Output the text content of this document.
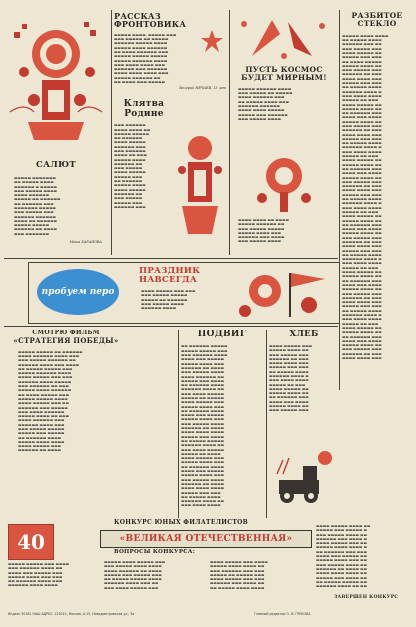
САЛЮТ

▬▬▬▬▬ ▬▬▬▬▬▬▬

▬▬ ▬▬▬▬▬ ▬▬▬▬

▬▬▬▬▬▬ ▬ ▬▬▬▬▬

▬▬▬ ▬▬▬▬▬ ▬▬▬▬

▬▬▬▬ ▬▬▬▬▬▬

▬▬▬▬▬ ▬▬ ▬▬▬▬▬▬

▬▬ ▬▬▬▬▬▬ ▬▬▬

▬▬▬▬▬▬▬ ▬▬▬▬▬

▬▬▬ ▬▬▬▬▬ ▬▬▬

▬▬▬▬▬▬ ▬▬▬▬▬▬

▬▬▬▬ ▬▬ ▬▬▬▬▬▬

▬▬▬▬▬ ▬▬▬▬▬

▬▬▬▬▬▬ ▬▬ ▬▬▬▬

▬▬▬ ▬▬▬▬▬▬▬

Маша ХАРАНОВА
РАССКАЗ ФРОНТОВИКА

▬▬▬▬▬ ▬▬▬▬, ▬▬▬▬▬ ▬▬▬

▬▬▬ ▬▬▬▬▬ ▬▬ ▬▬▬▬▬

▬▬▬▬▬▬ ▬▬▬▬▬ ▬▬▬▬

▬▬▬▬▬ ▬▬▬▬ ▬▬▬▬▬▬

▬▬ ▬▬▬▬ ▬▬▬▬▬▬ ▬▬▬

▬▬▬▬▬ ▬▬▬▬▬ ▬▬▬▬▬

▬▬▬▬▬ ▬▬▬▬▬▬ ▬▬▬▬

▬▬▬ ▬▬▬▬ ▬▬▬▬ ▬▬▬

▬▬▬▬▬▬ ▬▬▬ ▬▬▬▬▬▬

▬▬▬▬ ▬▬▬▬ ▬▬▬▬ ▬▬▬

▬▬▬▬▬ ▬▬▬▬▬▬ ▬▬

▬▬ ▬▬▬▬ ▬▬▬ ▬▬▬▬▬

Валерий НЕЧАЕВ, 13 лет
Клятва
Родине

▬▬▬ ▬▬▬▬▬▬

▬▬▬▬ ▬▬▬▬ ▬▬

▬▬▬▬▬ ▬▬▬▬▬

▬▬ ▬▬▬▬▬▬

▬▬▬▬ ▬▬▬▬▬

▬▬▬▬▬▬ ▬▬▬

▬▬▬ ▬▬▬▬▬▬

▬▬▬▬ ▬▬ ▬▬▬

▬▬▬▬▬ ▬▬▬▬

▬▬▬▬▬▬ ▬▬

▬▬▬ ▬▬▬▬▬

▬▬▬▬ ▬▬▬▬▬

▬▬▬▬▬ ▬▬▬

▬▬ ▬▬▬▬▬▬

▬▬▬▬▬ ▬▬▬▬

▬▬▬▬ ▬▬▬▬▬

▬▬▬▬▬▬ ▬▬

▬▬▬ ▬▬▬▬▬

▬▬▬▬▬ ▬▬▬

▬▬▬▬▬▬ ▬▬▬

ПУСТЬ КОСМОС
БУДЕТ МИРНЫМ!

▬▬▬▬▬ ▬▬▬▬▬▬ ▬▬▬▬

▬▬▬ ▬▬▬▬▬ ▬▬ ▬▬▬▬▬

▬▬▬▬ ▬▬▬▬▬▬ ▬▬▬

▬▬ ▬▬▬▬▬ ▬▬▬▬ ▬▬▬

▬▬▬▬▬▬ ▬▬▬▬▬▬

▬▬▬▬ ▬▬▬▬ ▬▬▬▬▬

▬▬▬▬▬ ▬▬▬ ▬▬▬▬▬▬

▬▬▬ ▬▬▬▬▬ ▬▬▬▬

▬▬▬▬ ▬▬▬▬ ▬▬ ▬▬▬▬

▬▬▬▬▬ ▬▬▬▬▬▬ ▬▬

▬▬▬ ▬▬▬▬▬ ▬▬▬▬▬

▬▬▬▬▬ ▬▬▬▬ ▬▬▬

▬▬▬▬▬▬ ▬▬▬ ▬▬▬▬

▬▬▬ ▬▬▬▬▬ ▬▬▬▬

РАЗБИТОЕ
СТЕКЛО

▬▬▬▬▬ ▬▬▬▬ ▬▬▬▬

▬▬ ▬▬▬▬▬ ▬▬▬▬

▬▬▬▬▬▬ ▬▬▬ ▬▬

▬▬▬ ▬▬▬▬▬ ▬▬▬

▬▬▬▬ ▬▬▬▬▬ ▬▬

▬▬▬▬▬ ▬▬▬ ▬▬▬

▬▬ ▬▬▬▬ ▬▬▬▬▬

▬▬▬▬▬ ▬▬▬▬ ▬▬

▬▬▬ ▬▬▬▬▬ ▬▬▬

▬▬▬▬▬▬ ▬▬ ▬▬▬

▬▬▬▬ ▬▬▬▬ ▬▬▬

▬▬▬▬▬ ▬▬▬ ▬▬▬

▬▬ ▬▬▬▬▬ ▬▬▬▬

▬▬▬▬▬▬ ▬▬▬▬ ▬

▬▬▬ ▬▬▬▬ ▬▬▬▬

▬▬▬▬▬ ▬▬ ▬▬▬

▬▬▬▬ ▬▬▬▬▬ ▬▬

▬▬▬▬▬ ▬▬▬▬ ▬▬

▬▬ ▬▬▬▬▬▬ ▬▬▬

▬▬▬▬ ▬▬▬ ▬▬▬▬

▬▬▬▬▬ ▬▬▬▬ ▬▬

▬▬▬ ▬▬▬▬▬ ▬▬▬

▬▬▬▬▬▬ ▬▬ ▬▬▬

▬▬▬▬ ▬▬▬▬ ▬▬▬

▬▬▬▬▬ ▬▬▬ ▬▬▬

▬▬ ▬▬▬▬▬ ▬▬▬▬

▬▬▬▬▬▬ ▬▬▬▬ ▬

▬▬▬ ▬▬▬▬ ▬▬▬▬

▬▬▬▬▬ ▬▬ ▬▬▬

▬▬▬▬ ▬▬▬▬▬ ▬▬

▬▬▬▬▬ ▬▬▬▬ ▬▬

▬▬ ▬▬▬▬▬▬ ▬▬▬

▬▬▬▬ ▬▬▬ ▬▬▬▬

▬▬▬▬▬ ▬▬▬▬ ▬▬

▬▬▬ ▬▬▬▬▬ ▬▬▬

▬▬▬▬▬▬ ▬▬ ▬▬▬

▬▬▬▬ ▬▬▬▬ ▬▬▬

▬▬▬▬▬ ▬▬▬ ▬▬▬

▬▬ ▬▬▬▬▬ ▬▬▬▬

▬▬▬▬▬▬ ▬▬▬▬ ▬

▬▬▬ ▬▬▬▬ ▬▬▬▬

▬▬▬▬▬ ▬▬ ▬▬▬

▬▬▬▬ ▬▬▬▬▬ ▬▬

▬▬▬▬▬ ▬▬▬▬ ▬▬

▬▬ ▬▬▬▬▬▬ ▬▬▬

▬▬▬▬ ▬▬▬ ▬▬▬▬

▬▬▬▬▬ ▬▬▬▬ ▬▬

▬▬▬ ▬▬▬▬▬ ▬▬▬

▬▬▬▬▬▬ ▬▬ ▬▬▬

▬▬▬▬ ▬▬▬▬ ▬▬▬

▬▬▬▬▬ ▬▬▬ ▬▬▬

▬▬ ▬▬▬▬▬ ▬▬▬▬

▬▬▬▬▬▬ ▬▬▬▬ ▬

▬▬▬ ▬▬▬▬ ▬▬▬▬

▬▬▬▬▬ ▬▬ ▬▬▬

▬▬▬▬ ▬▬▬▬▬ ▬▬

▬▬▬▬▬ ▬▬▬▬ ▬▬

▬▬ ▬▬▬▬▬▬ ▬▬▬

▬▬▬▬ ▬▬▬ ▬▬▬▬

▬▬▬▬▬ ▬▬▬▬ ▬▬

▬▬▬ ▬▬▬▬▬ ▬▬▬

▬▬▬▬▬▬ ▬▬ ▬▬▬

▬▬▬▬ ▬▬▬▬ ▬▬▬

▬▬▬▬▬ ▬▬▬ ▬▬▬

▬▬ ▬▬▬▬▬ ▬▬▬▬

▬▬▬▬▬▬ ▬▬▬▬ ▬

▬▬▬ ▬▬▬▬ ▬▬▬▬

▬▬▬▬▬ ▬▬ ▬▬▬

▬▬▬▬ ▬▬▬▬▬ ▬▬

▬▬▬▬▬ ▬▬▬▬ ▬▬

▬▬ ▬▬▬▬▬▬ ▬▬▬

▬▬▬▬ ▬▬▬ ▬▬▬▬

▬▬▬▬▬ ▬▬▬▬ ▬▬

▬▬▬ ▬▬▬▬▬ ▬▬▬

▬▬▬▬▬▬ ▬▬ ▬▬▬

▬▬▬▬ ▬▬▬▬ ▬▬▬

пробуем перо
ПРАЗДНИК
НАВСЕГДА

▬▬▬▬ ▬▬▬▬▬ ▬▬▬ ▬▬▬

▬▬▬ ▬▬▬▬▬ ▬▬▬▬▬

▬▬▬▬▬ ▬▬ ▬▬▬▬▬▬

▬▬▬ ▬▬▬▬▬ ▬▬▬▬

▬▬▬▬▬▬ ▬▬▬▬

СМОТРЮ ФИЛЬМ
«СТРАТЕГИЯ ПОБЕДЫ»

▬▬▬▬▬ ▬▬▬▬▬ ▬▬ ▬▬▬▬▬▬

▬▬▬▬ ▬▬▬▬▬▬ ▬▬▬▬ ▬▬▬

▬▬▬ ▬▬▬▬▬ ▬▬▬▬▬▬ ▬▬

▬▬▬▬▬▬ ▬▬▬▬ ▬▬▬ ▬▬▬▬

▬▬ ▬▬▬▬▬ ▬▬▬▬▬ ▬▬▬

▬▬▬▬▬ ▬▬▬▬▬▬ ▬▬▬▬

▬▬▬▬ ▬▬▬▬▬ ▬▬▬ ▬▬▬

▬▬▬▬▬▬ ▬▬▬▬ ▬▬▬▬▬

▬▬▬ ▬▬▬▬▬▬ ▬▬ ▬▬▬

▬▬▬▬▬ ▬▬▬▬ ▬▬▬▬▬▬

▬▬ ▬▬▬▬ ▬▬▬▬▬ ▬▬▬

▬▬▬▬▬ ▬▬▬▬▬ ▬▬▬▬

▬▬▬▬ ▬▬▬▬▬ ▬▬▬ ▬▬

▬▬▬▬▬▬ ▬▬▬ ▬▬▬▬▬

▬▬▬ ▬▬▬▬ ▬▬▬▬▬▬

▬▬▬▬▬ ▬▬▬▬ ▬▬ ▬▬▬

▬▬▬▬ ▬▬▬▬▬▬ ▬▬▬

▬▬▬▬▬▬ ▬▬▬▬ ▬▬▬

▬▬▬ ▬▬▬▬▬ ▬▬▬▬▬

▬▬▬▬▬ ▬▬▬ ▬▬▬▬▬

▬▬ ▬▬▬▬▬▬ ▬▬▬▬

▬▬▬▬▬ ▬▬▬▬ ▬▬▬▬

▬▬▬▬ ▬▬▬▬▬ ▬▬▬

▬▬▬▬▬▬ ▬▬ ▬▬▬▬

ПОДВИГ

▬▬ ▬▬▬▬▬▬ ▬▬▬▬▬

▬▬▬▬▬ ▬▬▬▬▬ ▬▬▬

▬▬▬ ▬▬▬▬▬▬ ▬▬▬▬

▬▬▬▬ ▬▬▬ ▬▬▬▬▬

▬▬▬▬▬ ▬▬▬▬ ▬▬▬

▬▬▬▬▬▬ ▬▬ ▬▬▬▬

▬▬▬ ▬▬▬▬▬ ▬▬▬▬

▬▬▬▬ ▬▬▬▬▬▬ ▬▬

▬▬▬▬▬ ▬▬▬ ▬▬▬▬

▬▬ ▬▬▬▬▬▬ ▬▬▬▬

▬▬▬▬▬▬ ▬▬▬▬ ▬▬

▬▬▬ ▬▬▬▬ ▬▬▬▬▬

▬▬▬▬▬ ▬▬ ▬▬▬▬▬

▬▬▬▬ ▬▬▬▬▬ ▬▬▬

▬▬▬▬▬ ▬▬▬▬ ▬▬▬

▬▬ ▬▬▬▬▬▬ ▬▬▬▬

▬▬▬▬ ▬▬▬ ▬▬▬▬▬

▬▬▬▬▬ ▬▬▬▬ ▬▬▬

▬▬▬ ▬▬▬▬▬ ▬▬▬▬

▬▬▬▬▬▬ ▬▬ ▬▬▬▬

▬▬▬▬ ▬▬▬▬ ▬▬▬▬

▬▬▬▬▬ ▬▬▬ ▬▬▬▬

▬▬ ▬▬▬▬▬ ▬▬▬▬▬

▬▬▬▬▬▬ ▬▬▬▬ ▬▬

▬▬▬ ▬▬▬▬ ▬▬▬▬▬

▬▬▬▬▬ ▬▬ ▬▬▬▬

▬▬▬▬ ▬▬▬▬▬ ▬▬▬

▬▬▬▬▬ ▬▬▬▬ ▬▬▬

▬▬ ▬▬▬▬▬▬ ▬▬▬▬

▬▬▬▬ ▬▬▬ ▬▬▬▬▬

▬▬▬▬▬ ▬▬▬▬ ▬▬▬

▬▬▬ ▬▬▬▬▬ ▬▬▬▬

▬▬▬▬▬▬ ▬▬ ▬▬▬▬

▬▬▬▬ ▬▬▬▬ ▬▬▬▬

▬▬▬▬▬ ▬▬▬ ▬▬▬

▬▬ ▬▬▬▬▬ ▬▬▬▬

▬▬▬▬▬▬ ▬▬▬▬ ▬▬

▬▬▬ ▬▬▬▬ ▬▬▬▬

ХЛЕБ

▬▬▬▬ ▬▬▬▬▬ ▬▬▬

▬▬▬▬▬ ▬▬▬▬ ▬▬

▬▬▬ ▬▬▬▬▬ ▬▬▬

▬▬▬▬▬▬ ▬▬ ▬▬▬

▬▬▬▬ ▬▬▬▬ ▬▬▬

▬▬▬▬▬ ▬▬▬ ▬▬▬

▬▬ ▬▬▬▬▬ ▬▬▬▬

▬▬▬▬▬▬ ▬▬▬▬ ▬

▬▬▬ ▬▬▬▬ ▬▬▬▬

▬▬▬▬▬ ▬▬ ▬▬▬

▬▬▬▬ ▬▬▬▬▬ ▬▬

▬▬▬▬▬ ▬▬▬▬ ▬▬

▬▬ ▬▬▬▬▬▬ ▬▬▬

▬▬▬▬ ▬▬▬ ▬▬▬▬

▬▬▬▬▬ ▬▬▬▬ ▬▬

▬▬▬ ▬▬▬▬▬ ▬▬▬

40
КОНКУРС ЮНЫХ ФИЛАТЕЛИСТОВ
«ВЕЛИКАЯ ОТЕЧЕСТВЕННАЯ»
ВОПРОСЫ КОНКУРСА:

▬▬▬▬▬ ▬▬▬▬▬ ▬▬▬ ▬▬▬▬

▬▬▬ ▬▬▬▬▬▬ ▬▬▬▬ ▬▬

▬▬▬▬ ▬▬▬ ▬▬▬▬▬ ▬▬▬

▬▬▬▬▬ ▬▬▬▬ ▬▬▬ ▬▬▬

▬▬ ▬▬▬▬▬▬ ▬▬▬▬ ▬▬▬

▬▬▬▬▬▬ ▬▬▬▬ ▬▬▬▬

▬▬▬▬▬ ▬▬▬▬ ▬▬▬▬▬ ▬▬▬

▬▬▬ ▬▬▬▬▬ ▬▬▬▬ ▬▬▬▬

▬▬▬▬ ▬▬▬▬▬▬ ▬▬ ▬▬▬▬

▬▬▬▬▬ ▬▬▬ ▬▬▬▬▬ ▬▬▬

▬▬ ▬▬▬▬▬ ▬▬▬▬▬ ▬▬▬▬

▬▬▬▬▬▬ ▬▬▬▬ ▬▬▬ ▬▬

▬▬▬ ▬▬▬▬ ▬▬▬▬▬ ▬▬▬

▬▬▬▬ ▬▬▬▬▬ ▬▬▬ ▬▬▬▬

▬▬▬▬▬ ▬▬▬▬ ▬▬▬▬ ▬▬

▬▬▬ ▬▬▬▬▬▬ ▬▬▬ ▬▬▬

▬▬▬▬▬ ▬▬ ▬▬▬▬▬ ▬▬▬

▬▬▬▬ ▬▬▬▬▬ ▬▬▬ ▬▬▬

▬▬▬▬▬▬ ▬▬▬ ▬▬▬▬ ▬▬

▬▬ ▬▬▬▬▬ ▬▬▬▬ ▬▬▬▬

▬▬▬▬ ▬▬▬▬▬ ▬▬▬▬ ▬▬

▬▬▬▬▬ ▬▬▬ ▬▬▬▬▬ ▬

▬▬▬ ▬▬▬▬▬ ▬▬▬▬ ▬▬

▬▬▬▬▬▬ ▬▬▬ ▬▬▬▬ ▬

▬▬▬▬ ▬▬▬▬▬ ▬▬▬ ▬▬

▬▬▬▬▬ ▬▬▬▬ ▬▬▬▬ ▬

▬▬ ▬▬▬▬▬▬ ▬▬▬ ▬▬▬

▬▬▬▬ ▬▬▬ ▬▬▬▬▬ ▬▬

▬▬▬▬▬ ▬▬▬▬ ▬▬▬ ▬▬

▬▬▬ ▬▬▬▬▬ ▬▬▬▬ ▬▬

▬▬▬▬▬▬ ▬▬ ▬▬▬▬ ▬▬

▬▬▬▬ ▬▬▬▬ ▬▬▬▬ ▬▬

▬▬▬▬▬ ▬▬▬ ▬▬▬▬ ▬▬

▬▬ ▬▬▬▬▬ ▬▬▬▬▬ ▬▬

▬▬▬▬▬▬ ▬▬▬▬ ▬▬ ▬▬

ЗАВЕРШЕН КОНКУРС
Индекс 50181 НАШ АДРЕС: 125015, Москва, А-15, Новодмитровская ул., 5а	Главный редактор О. И. ГРЕКОВА
